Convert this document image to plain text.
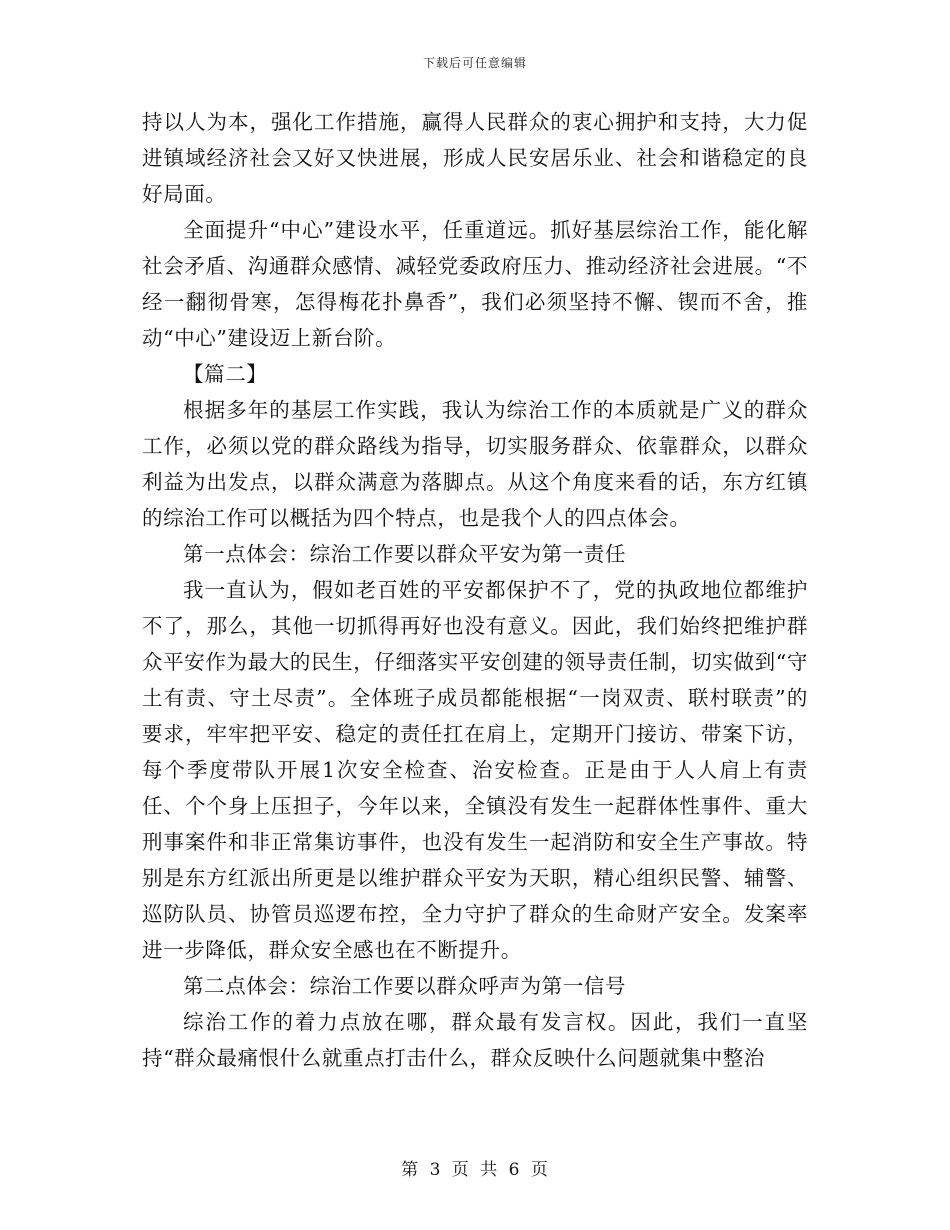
下载后可任意编辑

持以人为本，强化工作措施，赢得人民群众的衷心拥护和支持，大力促进镇域经济社会又好又快进展，形成人民安居乐业、社会和谐稳定的良好局面。

全面提升“中心”建设水平，任重道远。抓好基层综治工作，能化解社会矛盾、沟通群众感情、减轻党委政府压力、推动经济社会进展。“不经一翻彻骨寒，怎得梅花扑鼻香”，我们必须坚持不懈、锲而不舍，推动“中心”建设迈上新台阶。

【篇二】

根据多年的基层工作实践，我认为综治工作的本质就是广义的群众工作，必须以党的群众路线为指导，切实服务群众、依靠群众，以群众利益为出发点，以群众满意为落脚点。从这个角度来看的话，东方红镇的综治工作可以概括为四个特点，也是我个人的四点体会。

第一点体会：综治工作要以群众平安为第一责任

我一直认为，假如老百姓的平安都保护不了，党的执政地位都维护不了，那么，其他一切抓得再好也没有意义。因此，我们始终把维护群众平安作为最大的民生，仔细落实平安创建的领导责任制，切实做到“守土有责、守土尽责”。全体班子成员都能根据“一岗双责、联村联责”的要求，牢牢把平安、稳定的责任扛在肩上，定期开门接访、带案下访，每个季度带队开展1次安全检查、治安检查。正是由于人人肩上有责任、个个身上压担子，今年以来，全镇没有发生一起群体性事件、重大刑事案件和非正常集访事件，也没有发生一起消防和安全生产事故。特别是东方红派出所更是以维护群众平安为天职，精心组织民警、辅警、巡防队员、协管员巡逻布控，全力守护了群众的生命财产安全。发案率进一步降低，群众安全感也在不断提升。

第二点体会：综治工作要以群众呼声为第一信号

综治工作的着力点放在哪，群众最有发言权。因此，我们一直坚持“群众最痛恨什么就重点打击什么，群众反映什么问题就集中整治

第 3 页 共 6 页
